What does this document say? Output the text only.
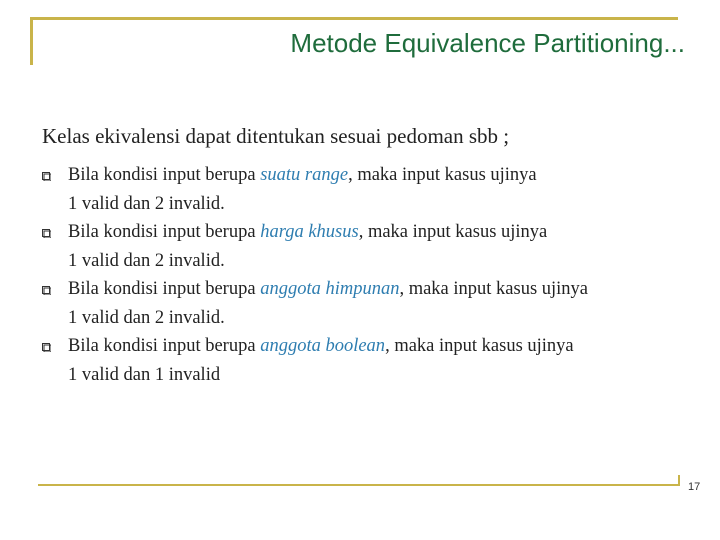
Metode Equivalence Partitioning...
Kelas ekivalensi dapat ditentukan sesuai pedoman sbb ;
Bila kondisi input berupa suatu range, maka input kasus ujinya
1 valid dan 2 invalid.
Bila kondisi input berupa harga khusus, maka input kasus ujinya
1 valid dan 2 invalid.
Bila kondisi input berupa anggota himpunan, maka input kasus ujinya
1 valid dan 2 invalid.
Bila kondisi input berupa anggota boolean, maka input kasus ujinya
1 valid dan 1 invalid
17
